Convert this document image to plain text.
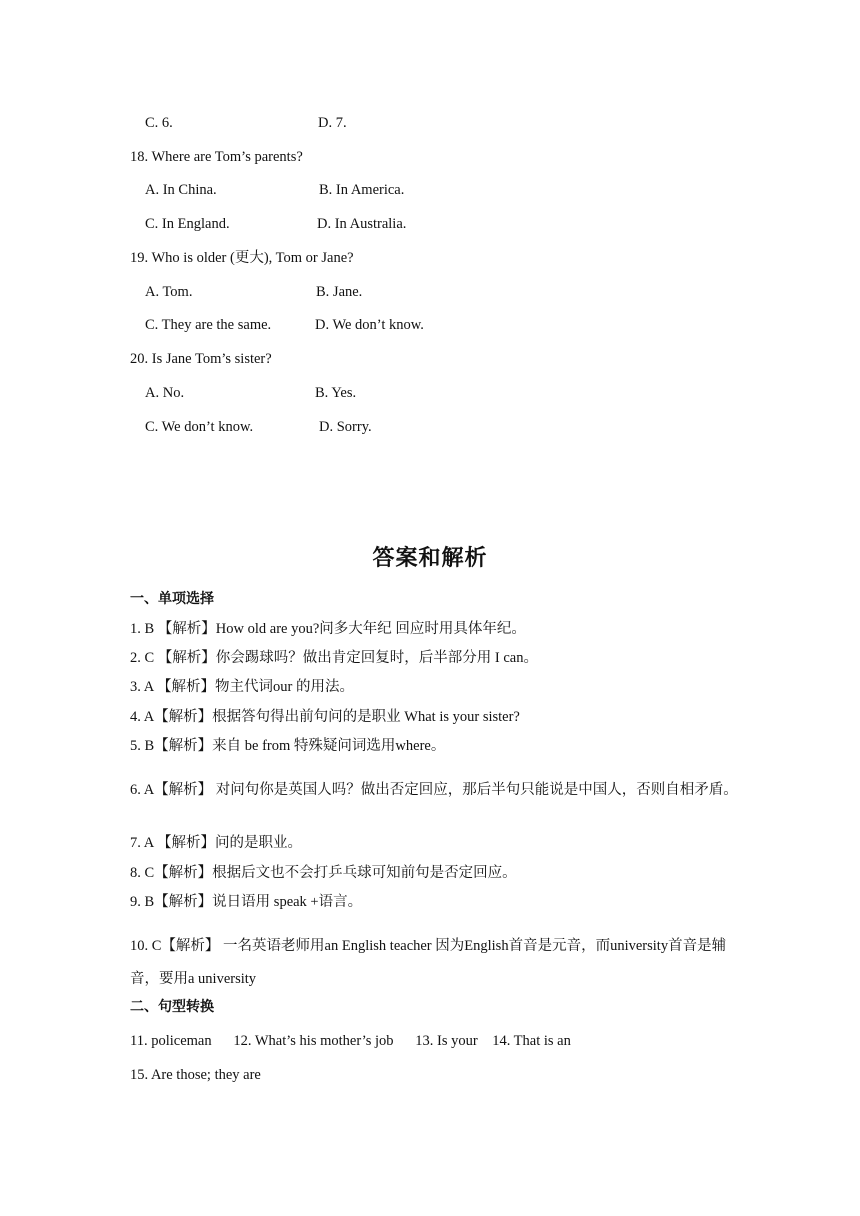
C. 6.	D. 7.
18. Where are Tom’s parents?
A. In China.	B. In America.
C. In England.	D. In Australia.
19. Who is older (更大), Tom or Jane?
A. Tom.	B. Jane.
C. They are the same.	D. We don’t know.
20. Is Jane Tom’s sister?
A. No.	B. Yes.
C. We don’t know.	D. Sorry.
答案和解析
一、单项选择
1. B 【解析】How old are you?问多大年纪 回应时用具体年纪。
2. C 【解析】你会踢球吗？做出肯定回复时，后半部分用 I can。
3. A 【解析】物主代词our 的用法。
4. A【解析】根据答句得出前句问的是职业 What is your sister?
5. B【解析】来自 be from 特殊疑问词选用where。
6. A【解析】 对问句你是英国人吗？做出否定回应，那后半句只能说是中国人，否则自相矛盾。
7. A 【解析】问的是职业。
8. C【解析】根据后文也不会打乒乓球可知前句是否定回应。
9. B【解析】说日语用 speak +语言。
10. C【解析】 一名英语老师用an English teacher 因为English首音是元音，而university首音是辅音，要用a university
二、句型转换
11. policeman      12. What’s his mother’s job      13. Is your    14. That is an
15. Are those; they are
